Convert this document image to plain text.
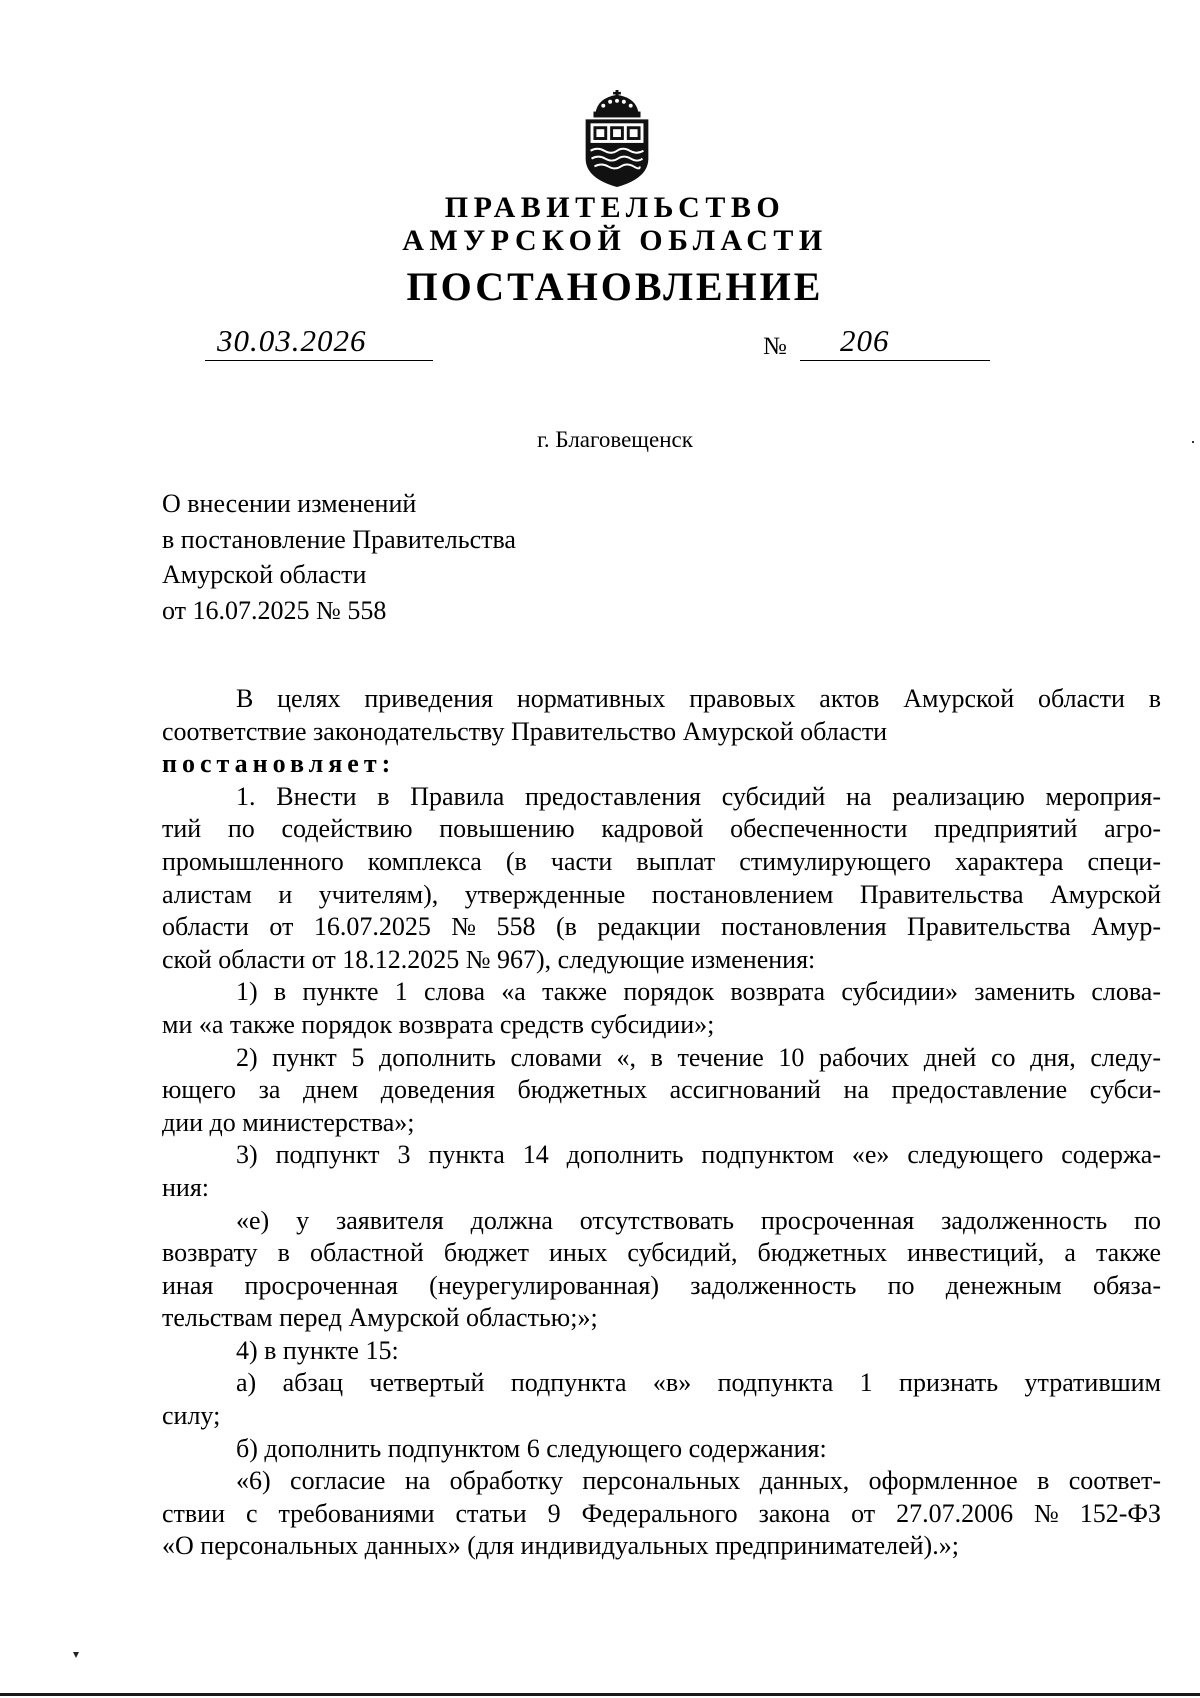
ПРАВИТЕЛЬСТВО
АМУРСКОЙ ОБЛАСТИ
ПОСТАНОВЛЕНИЕ
30.03.2026	№	206
г. Благовещенск
О внесении изменений
в постановление Правительства
Амурской области
от 16.07.2025 № 558
В целях приведения нормативных правовых актов Амурской области в
соответствие законодательству Правительство Амурской области
постановляет:
1. Внести в Правила предоставления субсидий на реализацию мероприя-
тий по содействию повышению кадровой обеспеченности предприятий агро-
промышленного комплекса (в части выплат стимулирующего характера специ-
алистам и учителям), утвержденные постановлением Правительства Амурской
области от 16.07.2025 № 558 (в редакции постановления Правительства Амур-
ской области от 18.12.2025 № 967), следующие изменения:
1) в пункте 1 слова «а также порядок возврата субсидии» заменить слова-
ми «а также порядок возврата средств субсидии»;
2) пункт 5 дополнить словами «, в течение 10 рабочих дней со дня, следу-
ющего за днем доведения бюджетных ассигнований на предоставление субси-
дии до министерства»;
3) подпункт 3 пункта 14 дополнить подпунктом «е» следующего содержа-
ния:
«е) у заявителя должна отсутствовать просроченная задолженность по
возврату в областной бюджет иных субсидий, бюджетных инвестиций, а также
иная просроченная (неурегулированная) задолженность по денежным обяза-
тельствам перед Амурской областью;»;
4) в пункте 15:
а) абзац четвертый подпункта «в» подпункта 1 признать утратившим
силу;
б) дополнить подпунктом 6 следующего содержания:
«6) согласие на обработку персональных данных, оформленное в соответ-
ствии с требованиями статьи 9 Федерального закона от 27.07.2006 № 152-ФЗ
«О персональных данных» (для индивидуальных предпринимателей).»;
